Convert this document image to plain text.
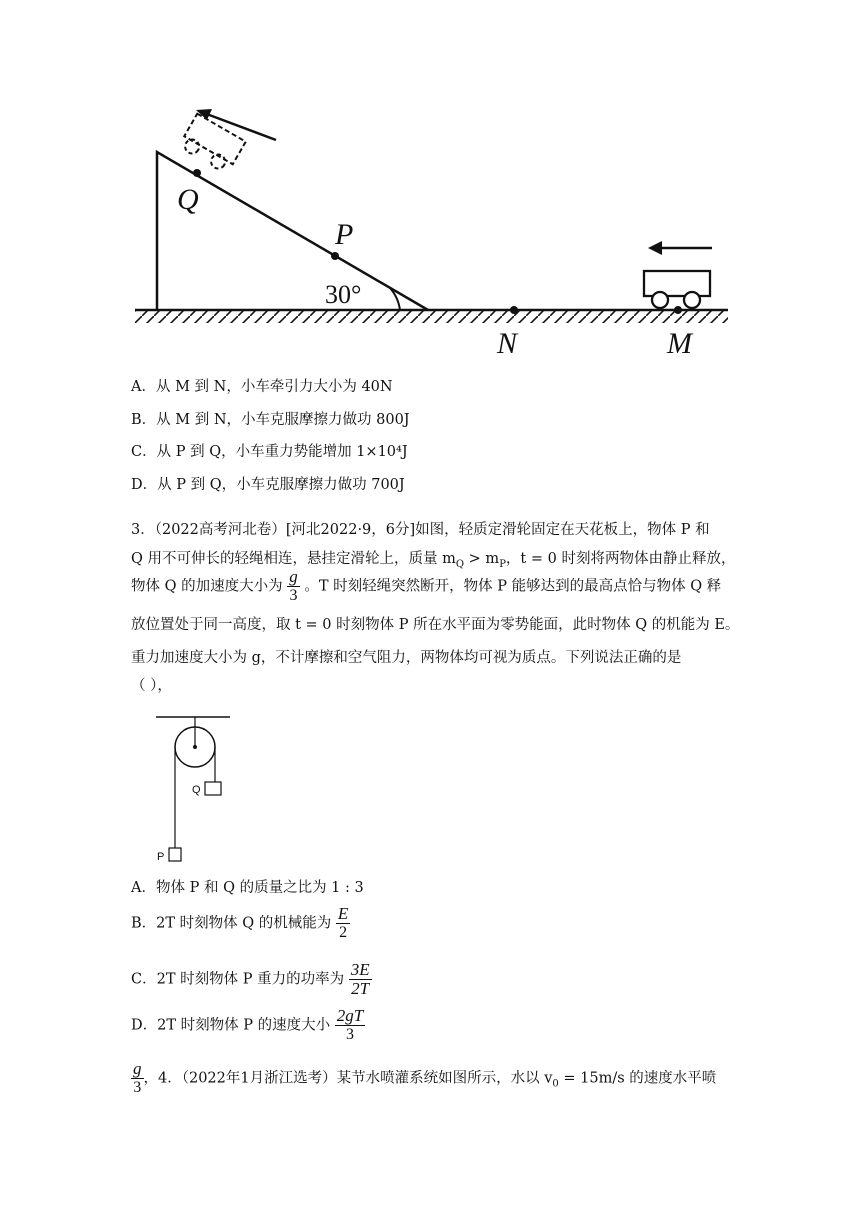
Q
P
30°
N	M
A．从 M 到 N，小车牵引力大小为 40N
B．从 M 到 N，小车克服摩擦力做功 800J
C．从 P 到 Q，小车重力势能增加 1×10⁴J
D．从 P 到 Q，小车克服摩擦力做功 700J
3．（2022高考河北卷）[河北2022·9，6分]如图，轻质定滑轮固定在天花板上，物体 P 和
Q 用不可伸长的轻绳相连，悬挂定滑轮上，质量 $m_Q > m_P$，t = 0 时刻将两物体由静止释放，
物体 Q 的加速度大小为 $\frac{g}{3}$ 。T 时刻轻绳突然断开，物体 P 能够达到的最高点恰与物体 Q 释
放位置处于同一高度，取 t = 0 时刻物体 P 所在水平面为零势能面，此时物体 Q 的机能为 E。
重力加速度大小为 g，不计摩擦和空气阻力，两物体均可视为质点。下列说法正确的是
（ ），
Q
P
A．物体 P 和 Q 的质量之比为 1 : 3
B．2T 时刻物体 Q 的机械能为 $\frac{E}{2}$
C．2T 时刻物体 P 重力的功率为 $\frac{3E}{2T}$
D．2T 时刻物体 P 的速度大小 $\frac{2gT}{3}$
$\frac{g}{3}$ ，4．（2022年1月浙江选考）某节水喷灌系统如图所示，水以 $v_0 = 15m/s$ 的速度水平喷
